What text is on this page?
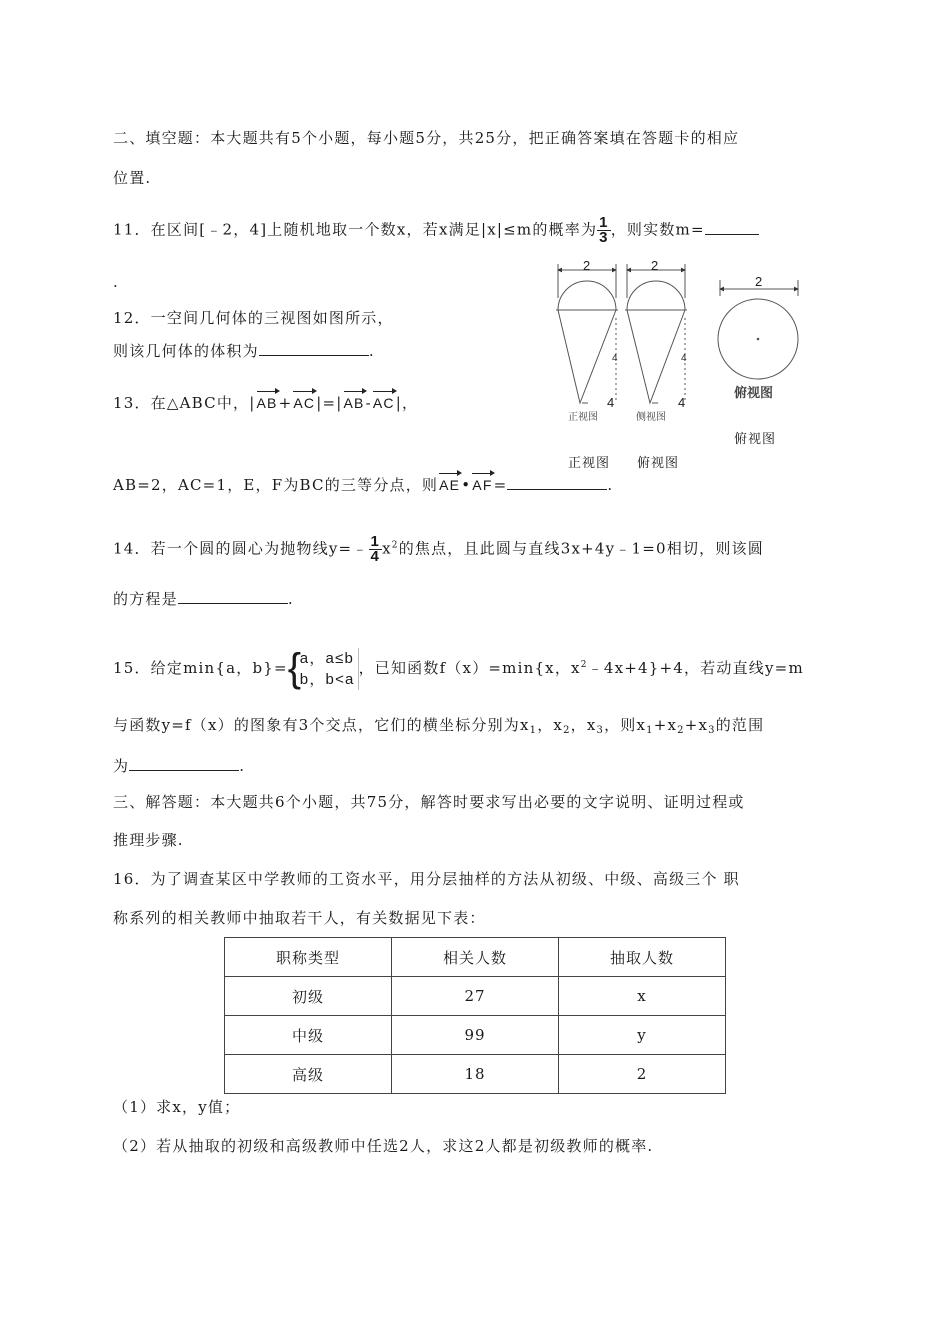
二、填空题：本大题共有5个小题，每小题5分，共25分，把正确答案填在答题卡的相应
位置.
11．在区间[﹣2，4]上随机地取一个数x，若x满足|x|≤m的概率为 $\frac{1}{3}$ ，则实数m=
.
12．一空间几何体的三视图如图所示，
则该几何体的体积为	.
13．在△ABC中，|AB+AC|=|AB-AC|，
AB=2，AC=1，E，F为BC的三等分点，则AE•AF=	.
14．若一个圆的圆心为抛物线y=﹣ $\frac{1}{4} x^2$的焦点，且此圆与直线3x+4y﹣1=0相切，则该圆
的方程是	.
15．给定min{a，b}= {
a，a≤b
b，b<a
，已知函数f（x）=min{x，$x^2﹣4x+4\}+4$，若动直线y=m
与函数y=f（x）的图象有3个交点，它们的横坐标分别为$x_1$，$x_2$，$x_3$，则$x_1+x_2+x_3$的范围
为	.
三、解答题：本大题共6个小题，共75分，解答时要求写出必要的文字说明、证明过程或
推理步骤.
16．为了调查某区中学教师的工资水平，用分层抽样的方法从初级、中级、高级三个 职
称系列的相关教师中抽取若干人，有关数据见下表：
职称类型	相关人数	抽取人数
初级	27	x
中级	99	y
高级	18	2
（1）求x，y值；
（2）若从抽取的初级和高级教师中任选2人，求这2人都是初级教师的概率.
2	2
2
4	4
4	4
正视图	侧视图
俯视图
俯视图
正视图 俯视图
